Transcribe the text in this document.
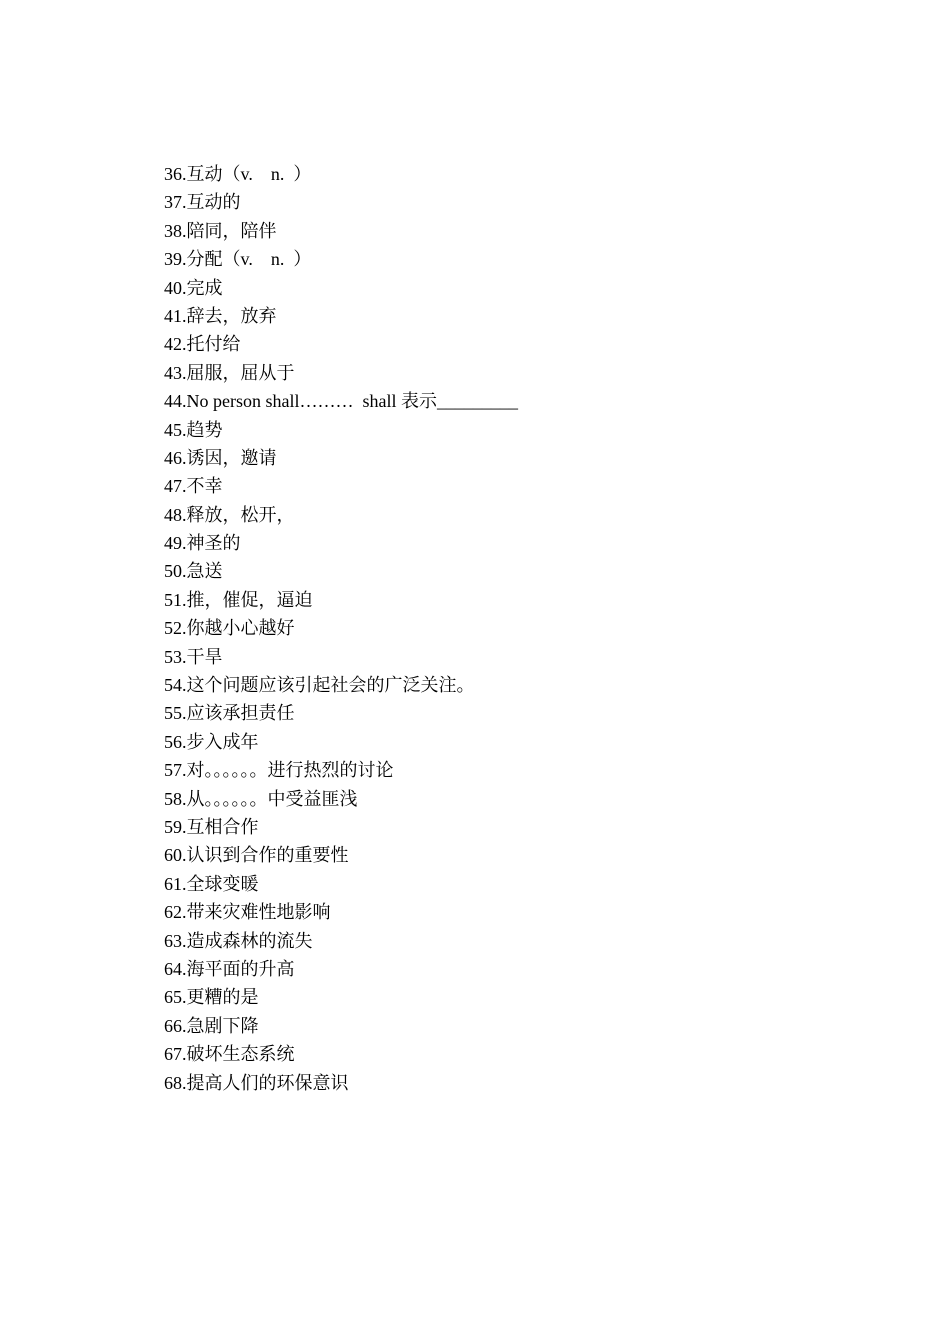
36.互动（v.    n.  ）
37.互动的
38.陪同，陪伴
39.分配（v.    n.  ）
40.完成
41.辞去，放弃
42.托付给
43.屈服，屈从于
44.No person shall………  shall 表示_________
45.趋势
46.诱因，邀请
47.不幸
48.释放，松开，
49.神圣的
50.急送
51.推，催促，逼迫
52.你越小心越好
53.干旱
54.这个问题应该引起社会的广泛关注。
55.应该承担责任
56.步入成年
57.对。。。。。。进行热烈的讨论
58.从。。。。。。中受益匪浅
59.互相合作
60.认识到合作的重要性
61.全球变暖
62.带来灾难性地影响
63.造成森林的流失
64.海平面的升高
65.更糟的是
66.急剧下降
67.破坏生态系统
68.提高人们的环保意识
